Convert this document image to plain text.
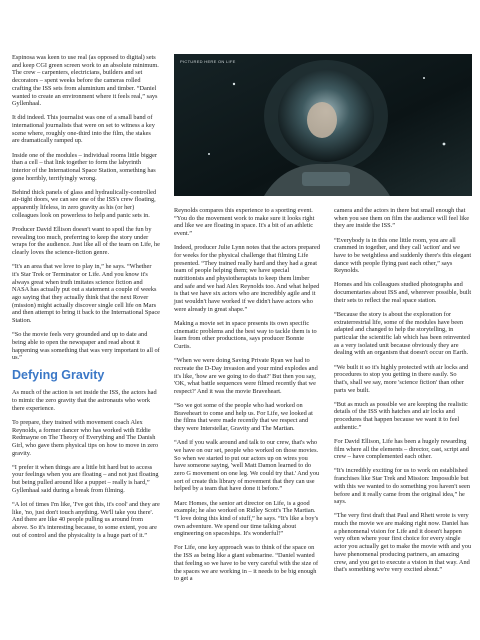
Espinosa was keen to use real (as opposed to digital) sets and keep CGI green screen work to an absolute minimum. The crew – carpenters, electricians, builders and set decorators – spent weeks before the cameras rolled crafting the ISS sets from aluminium and timber. “Daniel wanted to create an environment where it feels real,” says Gyllenhaal.

It did indeed. This journalist was one of a small band of international journalists that were on set to witness a key scene where, roughly one-third into the film, the stakes are dramatically ramped up.

Inside one of the modules – individual rooms little bigger than a cell – that link together to form the labyrinth interior of the International Space Station, something has gone horribly, terrifyingly wrong.

Behind thick panels of glass and hydraulically-controlled air-tight doors, we can see one of the ISS's crew floating, apparently lifeless, in zero gravity as his (or her) colleagues look on powerless to help and panic sets in.

Producer David Ellison doesn't want to spoil the fun by revealing too much, preferring to keep the story under wraps for the audience. Just like all of the team on Life, he clearly loves the science-fiction genre.

“It's an area that we love to play in,” he says. “Whether it's Star Trek or Terminator or Life. And you know it's always great when truth imitates science fiction and NASA has actually put out a statement a couple of weeks ago saying that they actually think that the next Rover (mission) might actually discover single cell life on Mars and then attempt to bring it back to the International Space Station.

“So the movie feels very grounded and up to date and being able to open the newspaper and read about it happening was something that was very important to all of us.”

Defying Gravity

As much of the action is set inside the ISS, the actors had to mimic the zero gravity that the astronauts who work there experience.

To prepare, they trained with movement coach Alex Reynolds, a former dancer who has worked with Eddie Redmayne on The Theory of Everything and The Danish Girl, who gave them physical tips on how to move in zero gravity.

“I prefer it when things are a little bit hard but to access your feelings when you are floating – and not just floating but being pulled around like a puppet – really is hard,” Gyllenhaal said during a break from filming.

“A lot of times I'm like, 'I've got this, it's cool' and they are like, 'no, just don't touch anything. We'll take you there'. And there are like 40 people pulling us around from above. So it's interesting because, to some extent, you are out of control and the physicality is a huge part of it.”

PICTURED HERE ON LIFE

Reynolds compares this experience to a sporting event. “You do the movement work to make sure it looks right and like we are floating in space. It's a bit of an athletic event.”

Indeed, producer Julie Lynn notes that the actors prepared for weeks for the physical challenge that filming Life presented. “They trained really hard and they had a great team of people helping them; we have special nutritionists and physiotherapists to keep them limber and safe and we had Alex Reynolds too. And what helped is that we have six actors who are incredibly agile and it just wouldn't have worked if we didn't have actors who were already in great shape.”

Making a movie set in space presents its own specific cinematic problems and the best way to tackle them is to learn from other productions, says producer Bonnie Curtis.

“When we were doing Saving Private Ryan we had to recreate the D-Day invasion and your mind explodes and it's like, 'how are we going to do that?' But then you say, 'OK, what battle sequences were filmed recently that we respect?' And it was the movie Braveheart.

“So we got some of the people who had worked on Braveheart to come and help us. For Life, we looked at the films that were made recently that we respect and they were Interstellar, Gravity and The Martian.

“And if you walk around and talk to our crew, that's who we have on our set, people who worked on those movies. So when we started to put our actors up on wires you have someone saying, 'well Matt Damon learned to do zero G movement on one leg. We could try that.' And you sort of create this library of movement that they can use helped by a team that have done it before.”

Marc Homes, the senior art director on Life, is a good example; he also worked on Ridley Scott's The Martian. “I love doing this kind of stuff,” he says. “It's like a boy's own adventure. We spend our time talking about engineering on spaceships. It's wonderful!”

For Life, one key approach was to think of the space on the ISS as being like a giant submarine. “Daniel wanted that feeling so we have to be very careful with the size of the spaces we are working in – it needs to be big enough to get a

camera and the actors in there but small enough that when you see them on film the audience will feel like they are inside the ISS.”

“Everybody is in this one little room, you are all crammed in together, and they call 'action' and we have to be weightless and suddenly there's this elegant dance with people flying past each other,” says Reynolds.

Homes and his colleagues studied photographs and documentaries about ISS and, wherever possible, built their sets to reflect the real space station.

“Because the story is about the exploration for extraterrestrial life, some of the modules have been adapted and changed to help the storytelling, in particular the scientific lab which has been reinvented as a very isolated unit because obviously they are dealing with an organism that doesn't occur on Earth.

“We built it so it's highly protected with air locks and procedures to stop you getting in there easily. So that's, shall we say, more 'science fiction' than other parts we built.

“But as much as possible we are keeping the realistic details of the ISS with hatches and air locks and procedures that happen because we want it to feel authentic.”

For David Ellison, Life has been a hugely rewarding film where all the elements – director, cast, script and crew – have complemented each other.

“It's incredibly exciting for us to work on established franchises like Star Trek and Mission: Impossible but with this we wanted to do something you haven't seen before and it really came from the original idea,” he says.

“The very first draft that Paul and Rhett wrote is very much the movie we are making right now. Daniel has a phenomenal vision for Life and it doesn't happen very often where your first choice for every single actor you actually get to make the movie with and you have phenomenal producing partners, an amazing crew, and you get to execute a vision in that way. And that's something we're very excited about.”
